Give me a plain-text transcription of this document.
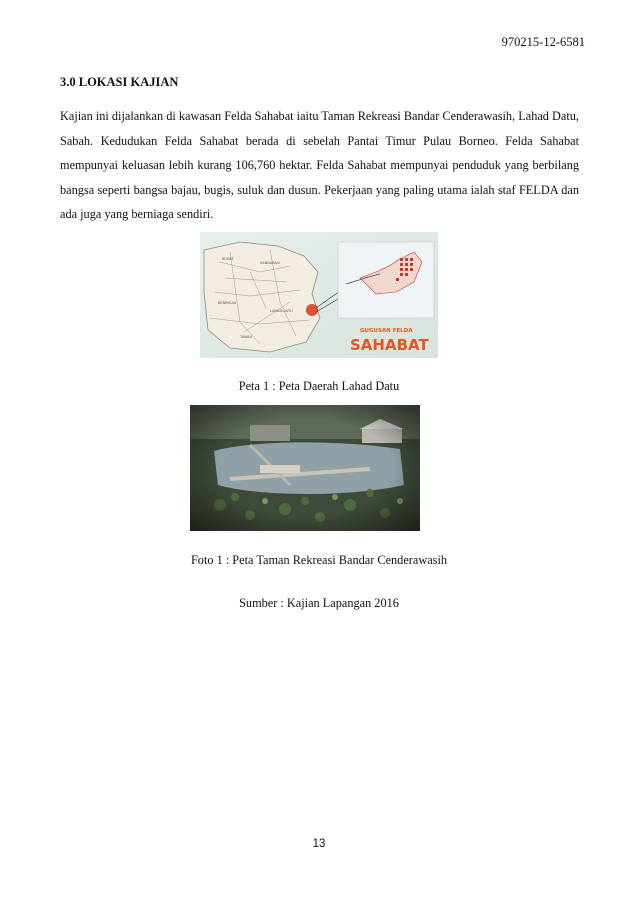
970215-12-6581
3.0 LOKASI KAJIAN

Kajian ini dijalankan di kawasan Felda Sahabat iaitu Taman Rekreasi Bandar Cenderawasih, Lahad Datu, Sabah. Kedudukan Felda Sahabat berada di sebelah Pantai Timur Pulau Borneo. Felda Sahabat mempunyai keluasan lebih kurang 106,760 hektar. Felda Sahabat mempunyai penduduk yang berbilang bangsa seperti bangsa bajau, bugis, suluk dan dusun. Pekerjaan yang paling utama ialah staf FELDA dan ada juga yang berniaga sendiri.

KUDAT
SANDAKAN
KENINGAU
LAHAD DATU
TAWAU
GUGUSAN FELDA
SAHABAT
Peta 1 : Peta Daerah Lahad Datu
Foto 1 : Peta Taman Rekreasi Bandar Cenderawasih
Sumber : Kajian Lapangan 2016
13
